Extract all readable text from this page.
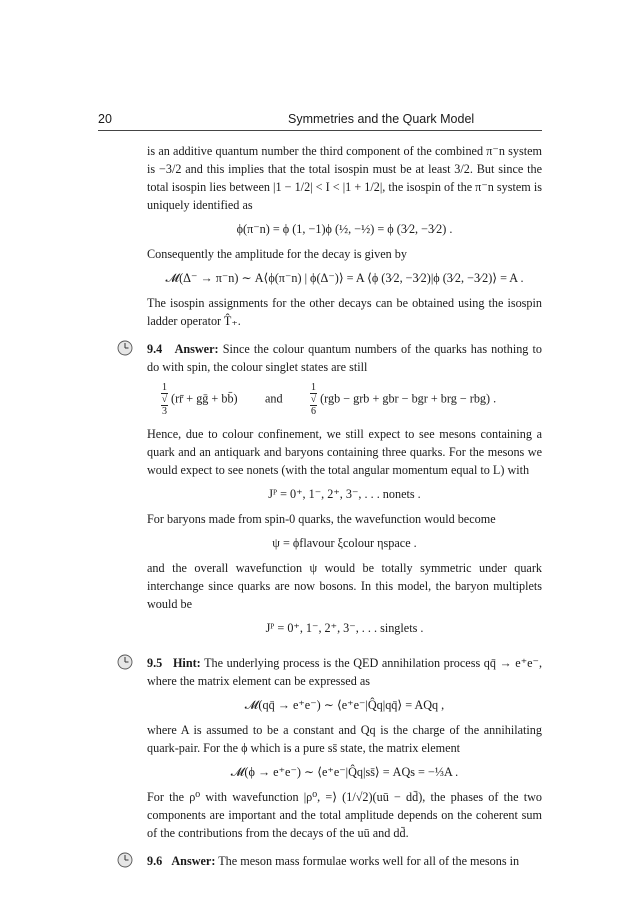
20	Symmetries and the Quark Model

is an additive quantum number the third component of the combined π⁻n system is −3/2 and this implies that the total isospin must be at least 3/2. But since the total isospin lies between |1 − 1/2| < I < |1 + 1/2|, the isospin of the π⁻n system is uniquely identified as

ϕ(π⁻n) = ϕ (1, −1)ϕ (½, −½) = ϕ (3⁄2, −3⁄2) .

Consequently the amplitude for the decay is given by

𝓜(Δ⁻ → π⁻n) ∼ A⟨ϕ(π⁻n) | ϕ(Δ⁻)⟩ = A ⟨ϕ (3⁄2, −3⁄2)|ϕ (3⁄2, −3⁄2)⟩ = A .

The isospin assignments for the other decays can be obtained using the isospin ladder operator T̂₊.

9.4 Answer: Since the colour quantum numbers of the quarks has nothing to do with spin, the colour singlet states are still

1
√
3 (rr̄ + gḡ + bb̄) and	1
√
6 (rgb − grb + gbr − bgr + brg − rbg) .

Hence, due to colour confinement, we still expect to see mesons containing a quark and an antiquark and baryons containing three quarks. For the mesons we would expect to see nonets (with the total angular momentum equal to L) with

Jᴾ = 0⁺, 1⁻, 2⁺, 3⁻, . . . nonets .

For baryons made from spin-0 quarks, the wavefunction would become

ψ = ϕflavour ξcolour ηspace .

and the overall wavefunction ψ would be totally symmetric under quark interchange since quarks are now bosons. In this model, the baryon multiplets would be

Jᴾ = 0⁺, 1⁻, 2⁺, 3⁻, . . . singlets .

9.5 Hint: The underlying process is the QED annihilation process qq̄ → e⁺e⁻, where the matrix element can be expressed as

𝓜(qq̄ → e⁺e⁻) ∼ ⟨e⁺e⁻|Q̂q|qq̄⟩ = AQq ,

where A is assumed to be a constant and Qq is the charge of the annihilating quark-pair. For the ϕ which is a pure ss̄ state, the matrix element

𝓜(ϕ → e⁺e⁻) ∼ ⟨e⁺e⁻|Q̂q|ss̄⟩ = AQs = −⅓A .

For the ρ⁰ with wavefunction |ρ⁰, =⟩ (1/√2)(uū − dd̄), the phases of the two components are important and the total amplitude depends on the coherent sum of the contributions from the decays of the uū and dd̄.

9.6 Answer: The meson mass formulae works well for all of the mesons in
